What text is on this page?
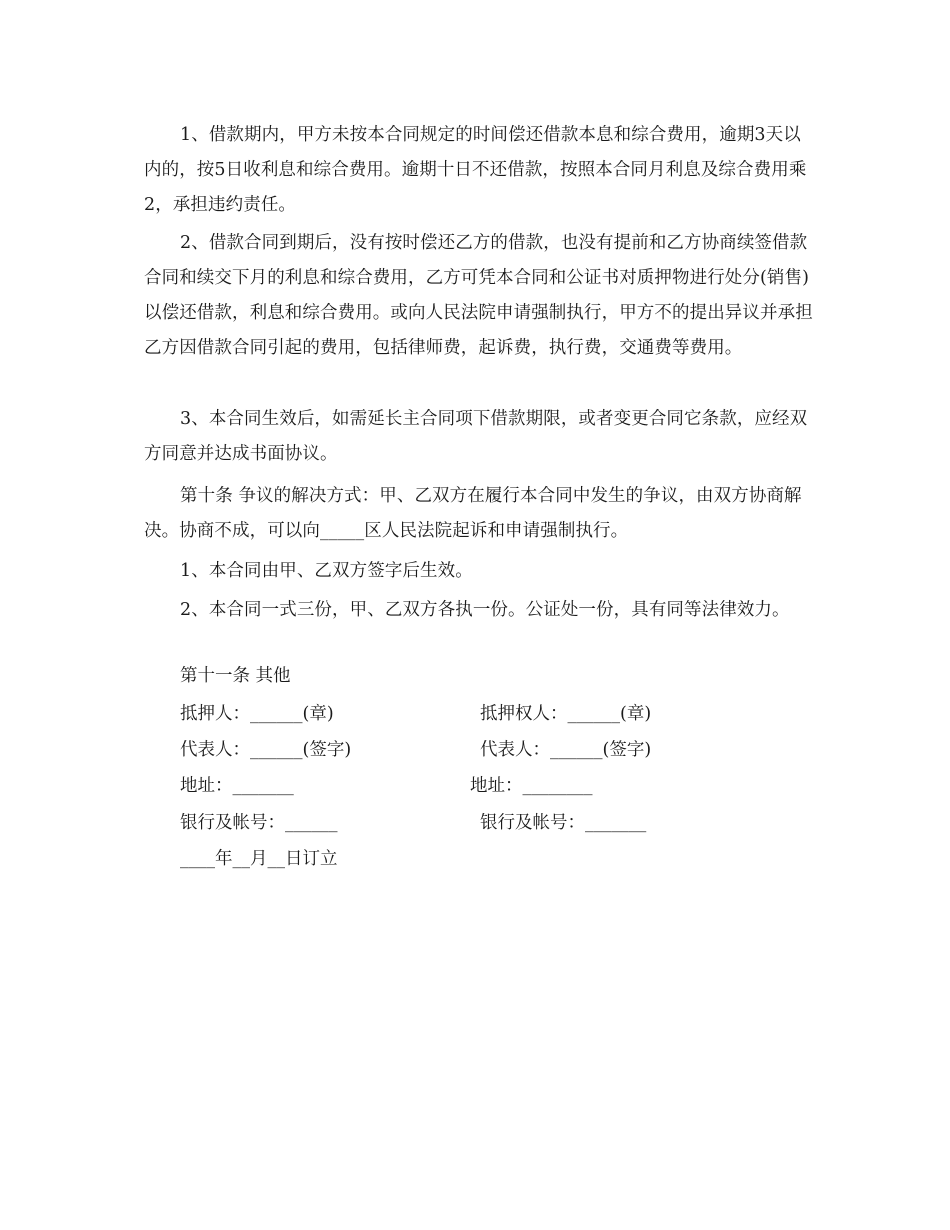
1、借款期内，甲方未按本合同规定的时间偿还借款本息和综合费用，逾期3天以内的，按5日收利息和综合费用。逾期十日不还借款，按照本合同月利息及综合费用乘2，承担违约责任。

2、借款合同到期后，没有按时偿还乙方的借款，也没有提前和乙方协商续签借款合同和续交下月的利息和综合费用，乙方可凭本合同和公证书对质押物进行处分(销售)以偿还借款，利息和综合费用。或向人民法院申请强制执行，甲方不的提出异议并承担乙方因借款合同引起的费用，包括律师费，起诉费，执行费，交通费等费用。

3、本合同生效后，如需延长主合同项下借款期限，或者变更合同它条款，应经双方同意并达成书面协议。

第十条 争议的解决方式：甲、乙双方在履行本合同中发生的争议，由双方协商解决。协商不成，可以向_____区人民法院起诉和申请强制执行。

1、本合同由甲、乙双方签字后生效。

2、本合同一式三份，甲、乙双方各执一份。公证处一份，具有同等法律效力。

第十一条 其他

抵押人：______(章)	抵押权人：______(章)

代表人：______(签字)	代表人：______(签字)

地址：_______	地址：________

银行及帐号：______	银行及帐号：_______

____年__月__日订立
